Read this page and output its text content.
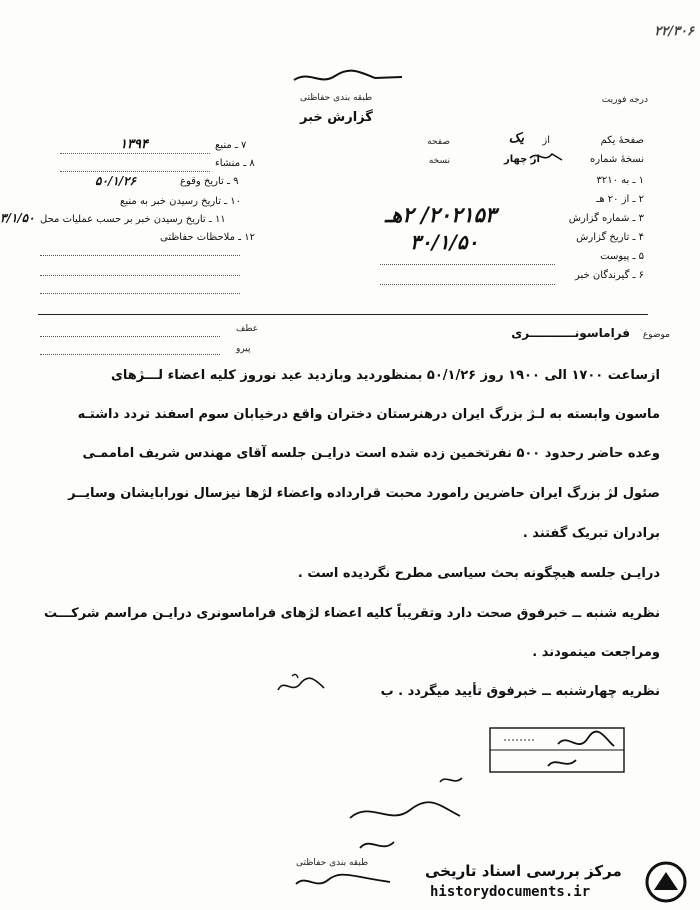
۲۲/۳۰۶
طبقه بندی حفاظتی
گزارش خبر
درجه فوریت
صفحۀ یکم
از
یک
صفحه
نسخۀ شماره
از چهار
نسخه
۱ ـ به ۳۲۱۰
۲ ـ از ۲۰ هـ
۳ ـ شماره گزارش
۲۰۲۱۵۳/ ۲هـ
۴ ـ تاریخ گزارش
۳۰/۱/۵۰
۵ ـ پیوست
۶ ـ گیرندگان خبر
۷ ـ منبع
۱۳۹۴
۸ ـ منشاء
۹ ـ تاریخ وقوع
۵۰/۱/۲۶
۱۰ ـ تاریخ رسیدن خبر به منبع
۱۱ ـ تاریخ رسیدن خبر بر حسب عملیات محل
۳/۱/۵۰
۱۲ ـ ملاحظات حفاظتی
موضوع
فراماسونـــــــــــری
عطف
پیرو
ازساعت ۱۷۰۰ الی ۱۹۰۰ روز ۵۰/۱/۲۶ بمنظوردید وبازدید عید نوروز کلیه اعضاء لـــژهای
ماسون وابسته به لـژ بزرگ ایران درهنرستان دختران واقع درخیابان سوم اسفند تردد داشتـه
وعده حاضر رحدود ۵۰۰ نفرتخمین زده شده است درایـن جلسه آقای مهندس شریف اماممـی
صئول لژ بزرگ ایران حاضرین رامورد محبت قرارداده واعضاء لژها نیزسال نورابایشان وسایــر
برادران تبریک گفتند .
درایـن جلسه هیچگونه بحث سیاسی مطرح نگردیده است .
نظریه شنبه ــ خبرفوق صحت دارد وتقریباً کلیه اعضاء لژهای فراماسونری درایـن مراسم شرکـــت
ومراجعت مینمودند .
نظریه چهارشنبه ــ خبرفوق تأیید میگردد . ب
طبقه بندی حفاظتی	مرکز بررسی اسناد تاریخی
historydocuments.ir
